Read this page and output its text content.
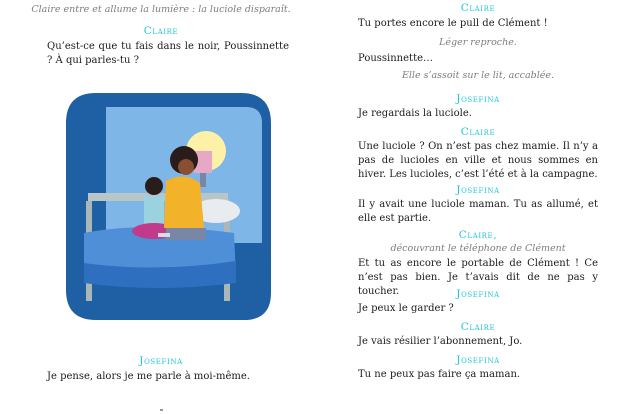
Claire entre et allume la lumière : la luciole disparaît.
Claire
Qu’est-ce que tu fais dans le noir, Poussinnette ? À qui parles-tu ?
Josefina
Je pense, alors je me parle à moi-même.
Claire
Tu portes encore le pull de Clément !
Léger reproche.
Poussinnette…
Elle s’assoit sur le lit, accablée.
Josefina
Je regardais la luciole.
Claire
Une luciole ? On n’est pas chez mamie. Il n’y a pas de lucioles en ville et nous sommes en hiver. Les lucioles, c’est l’été et à la campagne.
Josefina
Il y avait une luciole maman. Tu as allumé, et elle est partie.
Claire,
découvrant le téléphone de Clément
Et tu as encore le portable de Clément ! Ce n’est pas bien. Je t’avais dit de ne pas y toucher.	Josefina
Je peux le garder ?
Claire
Je vais résilier l’abonnement, Jo.
Josefina
Tu ne peux pas faire ça maman.
